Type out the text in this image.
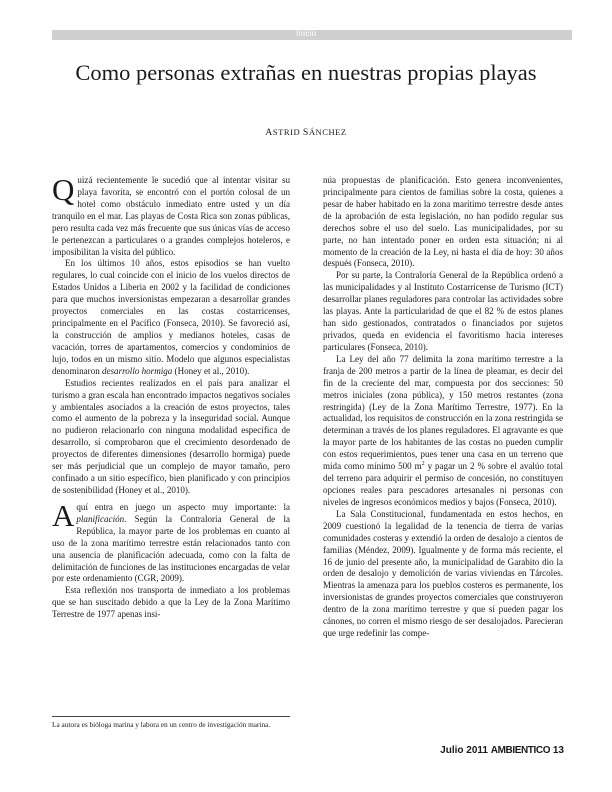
Inicio
Como personas extrañas en nuestras propias playas
ASTRID SÁNCHEZ

Quizá recientemente le sucedió que al intentar visitar su playa favorita, se encontró con el portón colosal de un hotel como obstáculo inmediato entre usted y un día tranquilo en el mar. Las playas de Costa Rica son zonas públicas, pero resulta cada vez más frecuente que sus únicas vías de acceso le pertenezcan a particulares o a grandes complejos hoteleros, e imposibilitan la visita del público.

En los últimos 10 años, estos episodios se han vuelto regulares, lo cual coincide con el inicio de los vuelos directos de Estados Unidos a Liberia en 2002 y la facilidad de condiciones para que muchos inversionistas empezaran a desarrollar grandes proyectos comerciales en las costas costarricenses, principalmente en el Pacífico (Fonseca, 2010). Se favoreció así, la construcción de amplios y medianos hoteles, casas de vacación, torres de apartamentos, comercios y condominios de lujo, todos en un mismo sitio. Modelo que algunos especialistas denominaron desarrollo hormiga (Honey et al., 2010).

Estudios recientes realizados en el país para analizar el turismo a gran escala han encontrado impactos negativos sociales y ambientales asociados a la creación de estos proyectos, tales como el aumento de la pobreza y la inseguridad social. Aunque no pudieron relacionarlo con ninguna modalidad específica de desarrollo, sí comprobaron que el crecimiento desordenado de proyectos de diferentes dimensiones (desarrollo hormiga) puede ser más perjudicial que un complejo de mayor tamaño, pero confinado a un sitio específico, bien planificado y con principios de sostenibilidad (Honey et al., 2010).

Aquí entra en juego un aspecto muy importante: la planificación. Según la Contraloría General de la República, la mayor parte de los problemas en cuanto al uso de la zona marítimo terrestre están relacionados tanto con una ausencia de planificación adecuada, como con la falta de delimitación de funciones de las instituciones encargadas de velar por este ordenamiento (CGR, 2009).

Esta reflexión nos transporta de inmediato a los problemas que se han suscitado debido a que la Ley de la Zona Marítimo Terrestre de 1977 apenas insi-

núa propuestas de planificación. Esto genera inconvenientes, principalmente para cientos de familias sobre la costa, quienes a pesar de haber habitado en la zona marítimo terrestre desde antes de la aprobación de esta legislación, no han podido regular sus derechos sobre el uso del suelo. Las municipalidades, por su parte, no han intentado poner en orden esta situación; ni al momento de la creación de la Ley, ni hasta el día de hoy: 30 años después (Fonseca, 2010).

Por su parte, la Contraloría General de la República ordenó a las municipalidades y al Instituto Costarricense de Turismo (ICT) desarrollar planes reguladores para controlar las actividades sobre las playas. Ante la particularidad de que el 82 % de estos planes han sido gestionados, contratados o financiados por sujetos privados, queda en evidencia el favoritismo hacia intereses particulares (Fonseca, 2010).

La Ley del año 77 delimita la zona marítimo terrestre a la franja de 200 metros a partir de la línea de pleamar, es decir del fin de la creciente del mar, compuesta por dos secciones: 50 metros iniciales (zona pública), y 150 metros restantes (zona restringida) (Ley de la Zona Marítimo Terrestre, 1977). En la actualidad, los requisitos de construcción en la zona restringida se determinan a través de los planes reguladores. El agravante es que la mayor parte de los habitantes de las costas no pueden cumplir con estos requerimientos, pues tener una casa en un terreno que mida como mínimo 500 $m^2$ y pagar un 2 % sobre el avalúo total del terreno para adquirir el permiso de concesión, no constituyen opciones reales para pescadores artesanales ni personas con niveles de ingresos económicos medios y bajos (Fonseca, 2010).

La Sala Constitucional, fundamentada en estos hechos, en 2009 cuestionó la legalidad de la tenencia de tierra de varias comunidades costeras y extendió la orden de desalojo a cientos de familias (Méndez, 2009). Igualmente y de forma más reciente, el 16 de junio del presente año, la municipalidad de Garabito dio la orden de desalojo y demolición de varias viviendas en Tárcoles. Mientras la amenaza para los pueblos costeros es permanente, los inversionistas de grandes proyectos comerciales que construyeron dentro de la zona marítimo terrestre y que sí pueden pagar los cánones, no corren el mismo riesgo de ser desalojados. Parecieran que urge redefinir las compe-

La autora es bióloga marina y labora en un centro de investigación marina.
Julio 2011 AMBIENTICO 13
